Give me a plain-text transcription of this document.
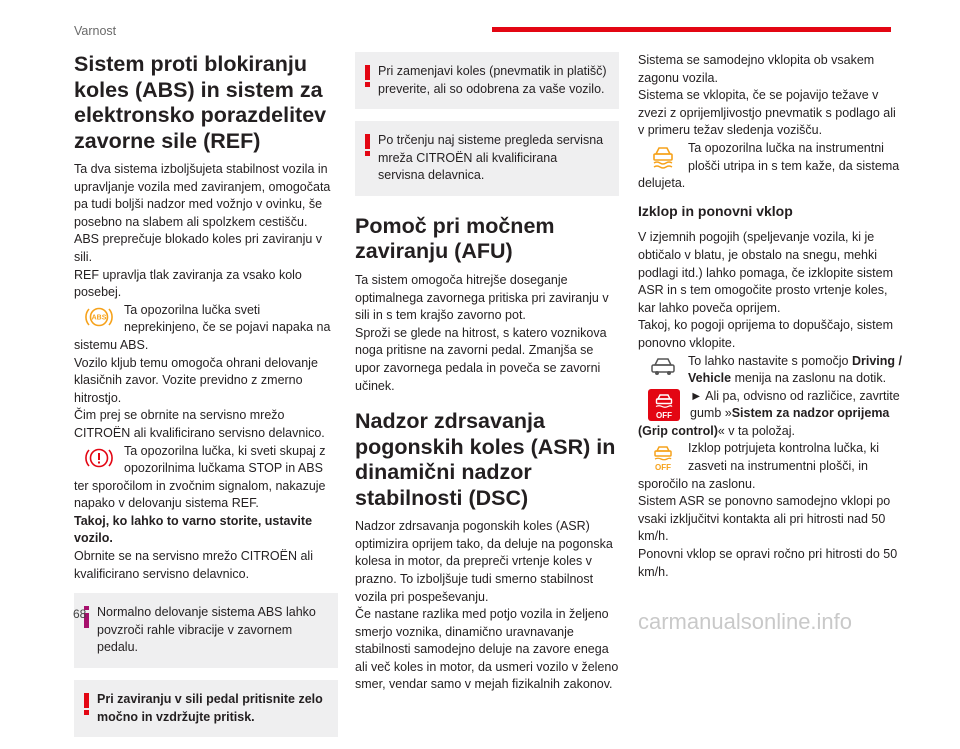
Varnost
Sistem proti blokiranju koles (ABS) in sistem za elektronsko porazdelitev zavorne sile (REF)

Ta dva sistema izboljšujeta stabilnost vozila in upravljanje vozila med zaviranjem, omogočata pa tudi boljši nadzor med vožnjo v ovinku, še posebno na slabem ali spolzkem cestišču.

ABS preprečuje blokado koles pri zaviranju v sili.

REF upravlja tlak zaviranja za vsako kolo posebej.

ABS

Ta opozorilna lučka sveti neprekinjeno, če se pojavi napaka na sistemu ABS.

Vozilo kljub temu omogoča ohrani delovanje klasičnih zavor. Vozite previdno z zmerno hitrostjo.

Čim prej se obrnite na servisno mrežo CITROËN ali kvalificirano servisno delavnico.

Ta opozorilna lučka, ki sveti skupaj z opozorilnima lučkama STOP in ABS ter sporočilom in zvočnim signalom, nakazuje napako v delovanju sistema REF.

Takoj, ko lahko to varno storite, ustavite vozilo.

Obrnite se na servisno mrežo CITROËN ali kvalificirano servisno delavnico.

Normalno delovanje sistema ABS lahko povzroči rahle vibracije v zavornem pedalu.

Pri zaviranju v sili pedal pritisnite zelo močno in vzdržujte pritisk.

Pri zamenjavi koles (pnevmatik in platišč) preverite, ali so odobrena za vaše vozilo.

Po trčenju naj sisteme pregleda servisna mreža CITROËN ali kvalificirana servisna delavnica.

Pomoč pri močnem zaviranju (AFU)

Ta sistem omogoča hitrejše doseganje optimalnega zavornega pritiska pri zaviranju v sili in s tem krajšo zavorno pot.

Sproži se glede na hitrost, s katero voznikova noga pritisne na zavorni pedal. Zmanjša se upor zavornega pedala in poveča se zavorni učinek.

Nadzor zdrsavanja pogonskih koles (ASR) in dinamični nadzor stabilnosti (DSC)

Nadzor zdrsavanja pogonskih koles (ASR) optimizira oprijem tako, da deluje na pogonska kolesa in motor, da prepreči vrtenje koles v prazno. To izboljšuje tudi smerno stabilnost vozila pri pospeševanju.

Če nastane razlika med potjo vozila in željeno smerjo voznika, dinamično uravnavanje stabilnosti samodejno deluje na zavore enega ali več koles in motor, da usmeri vozilo v želeno smer, vendar samo v mejah fizikalnih zakonov.

Sistema se samodejno vklopita ob vsakem zagonu vozila.

Sistema se vklopita, če se pojavijo težave v zvezi z oprijemljivostjo pnevmatik s podlago ali v primeru težav sledenja vozišču.

Ta opozorilna lučka na instrumentni plošči utripa in s tem kaže, da sistema delujeta.

Izklop in ponovni vklop

V izjemnih pogojih (speljevanje vozila, ki je obtičalo v blatu, je obstalo na snegu, mehki podlagi itd.) lahko pomaga, če izklopite sistem ASR in s tem omogočite prosto vrtenje koles, kar lahko poveča oprijem.

Takoj, ko pogoji oprijema to dopuščajo, sistem ponovno vklopite.

To lahko nastavite s pomočjo Driving / Vehicle menija na zaslonu na dotik.

OFF

► Ali pa, odvisno od različice, zavrtite gumb »Sistem za nadzor oprijema (Grip control)« v ta položaj.

OFF

Izklop potrjujeta kontrolna lučka, ki zasveti na instrumentni plošči, in sporočilo na zaslonu.

Sistem ASR se ponovno samodejno vklopi po vsaki izključitvi kontakta ali pri hitrosti nad 50 km/h.

Ponovni vklop se opravi ročno pri hitrosti do 50 km/h.

68	carmanualsonline.info
